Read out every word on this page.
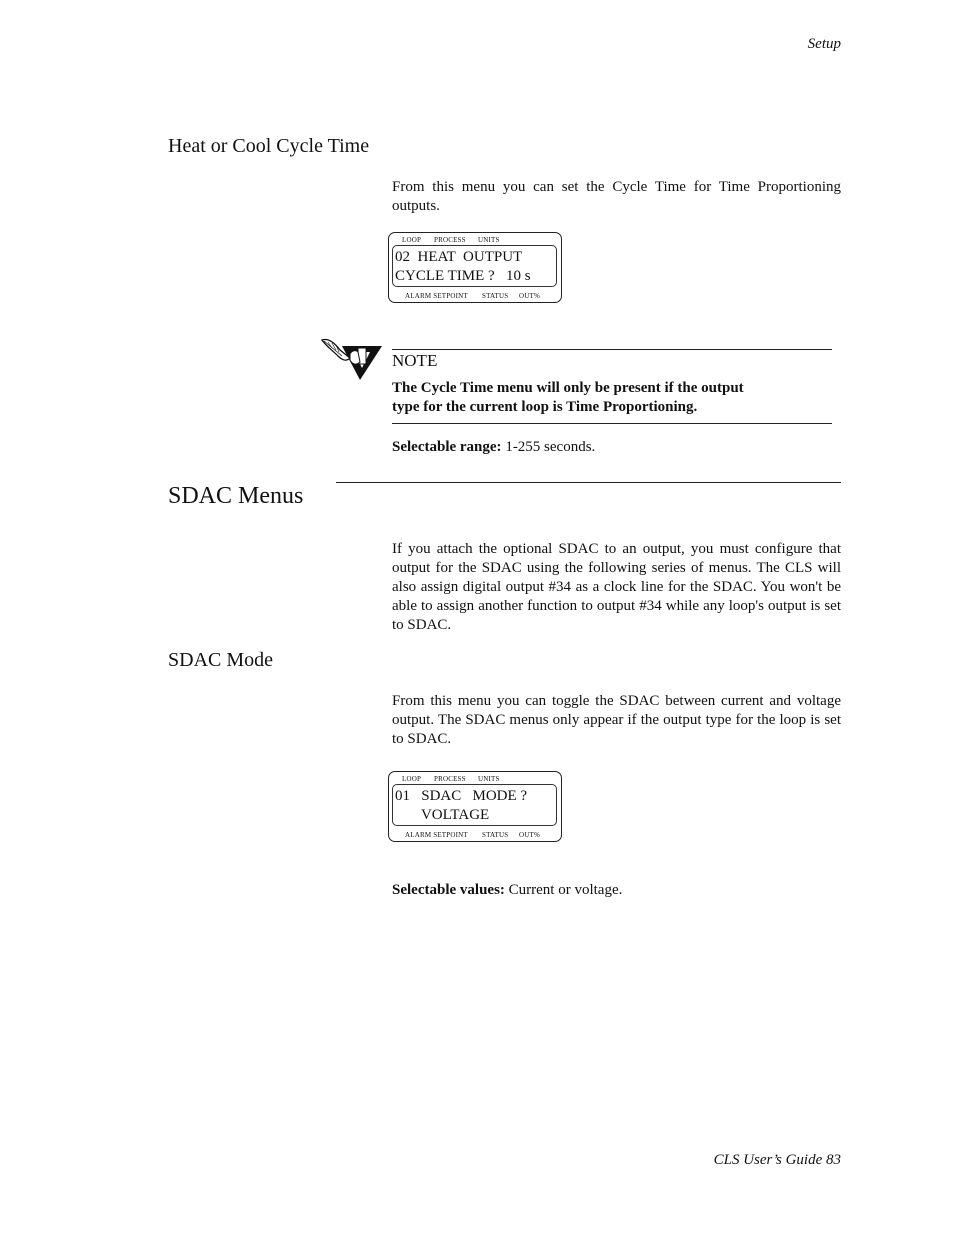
Setup
Heat or Cool Cycle Time
From this menu you can set the Cycle Time for Time Proportioning outputs.
LOOP PROCESS UNITS
02  HEAT  OUTPUT
CYCLE TIME ?   10 s
ALARM SETPOINT STATUS OUT%
NOTE
The Cycle Time menu will only be present if the output
type for the current loop is Time Proportioning.
Selectable range: 1-255 seconds.
SDAC Menus
If you attach the optional SDAC to an output, you must configure that output for the SDAC using the following series of menus. The CLS will also assign digital output #34 as a clock line for the SDAC. You won't be able to assign another function to output #34 while any loop's output is set to SDAC.
SDAC Mode
From this menu you can toggle the SDAC between current and voltage output. The SDAC menus only appear if the output type for the loop is set to SDAC.
LOOP PROCESS UNITS
01   SDAC   MODE ?
VOLTAGE
ALARM SETPOINT STATUS OUT%
Selectable values: Current or voltage.
CLS User’s Guide 83
